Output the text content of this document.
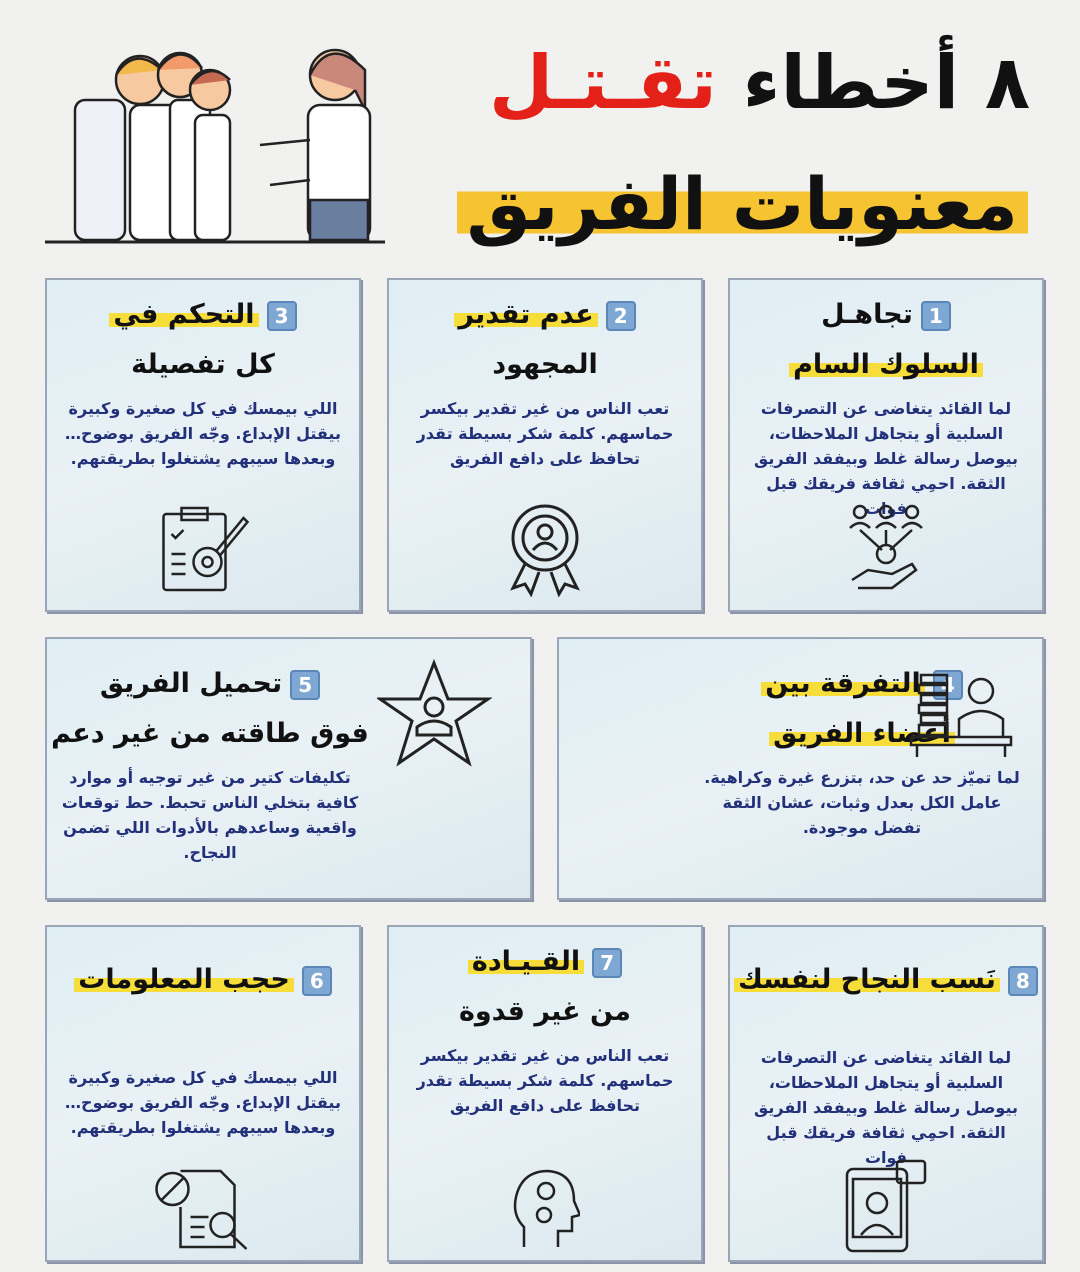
٨ أخطاء تقـتـل
معنويات الفريق
1تجاهـل
السلوك السام
لما القائد يتغاضى عن التصرفات السلبية أو يتجاهل الملاحظات، بيوصل رسالة غلط وبيفقد الفريق الثقة. احمِي ثقافة فريقك قبل فوات
2عدم تقدير
المجهود
تعب الناس من غير تقدير بيكسر حماسهم. كلمة شكر بسيطة تقدر تحافظ على دافع الفريق
3التحكم في
كل تفصيلة
اللي بيمسك في كل صغيرة وكبيرة بيقتل الإبداع. وجّه الفريق بوضوح… وبعدها سيبهم يشتغلوا بطريقتهم.
4التفرقة بين
أعضاء الفريق
لما تميّز حد عن حد، بتزرع غيرة وكراهية. عامل الكل بعدل وثبات، عشان الثقة تفضل موجودة.
5تحميل الفريق
فوق طاقته من غير دعم
تكليفات كتير من غير توجيه أو موارد كافية بتخلي الناس تحبط. حط توقعات واقعية وساعدهم بالأدوات اللي تضمن النجاح.
8نَسب النجاح لنفسك
لما القائد يتغاضى عن التصرفات السلبية أو يتجاهل الملاحظات، بيوصل رسالة غلط وبيفقد الفريق الثقة. احمِي ثقافة فريقك قبل فوات
7القـيـادة
من غير قدوة
تعب الناس من غير تقدير بيكسر حماسهم. كلمة شكر بسيطة تقدر تحافظ على دافع الفريق
6حجب المعلومات
اللي بيمسك في كل صغيرة وكبيرة بيقتل الإبداع. وجّه الفريق بوضوح… وبعدها سيبهم يشتغلوا بطريقتهم.
